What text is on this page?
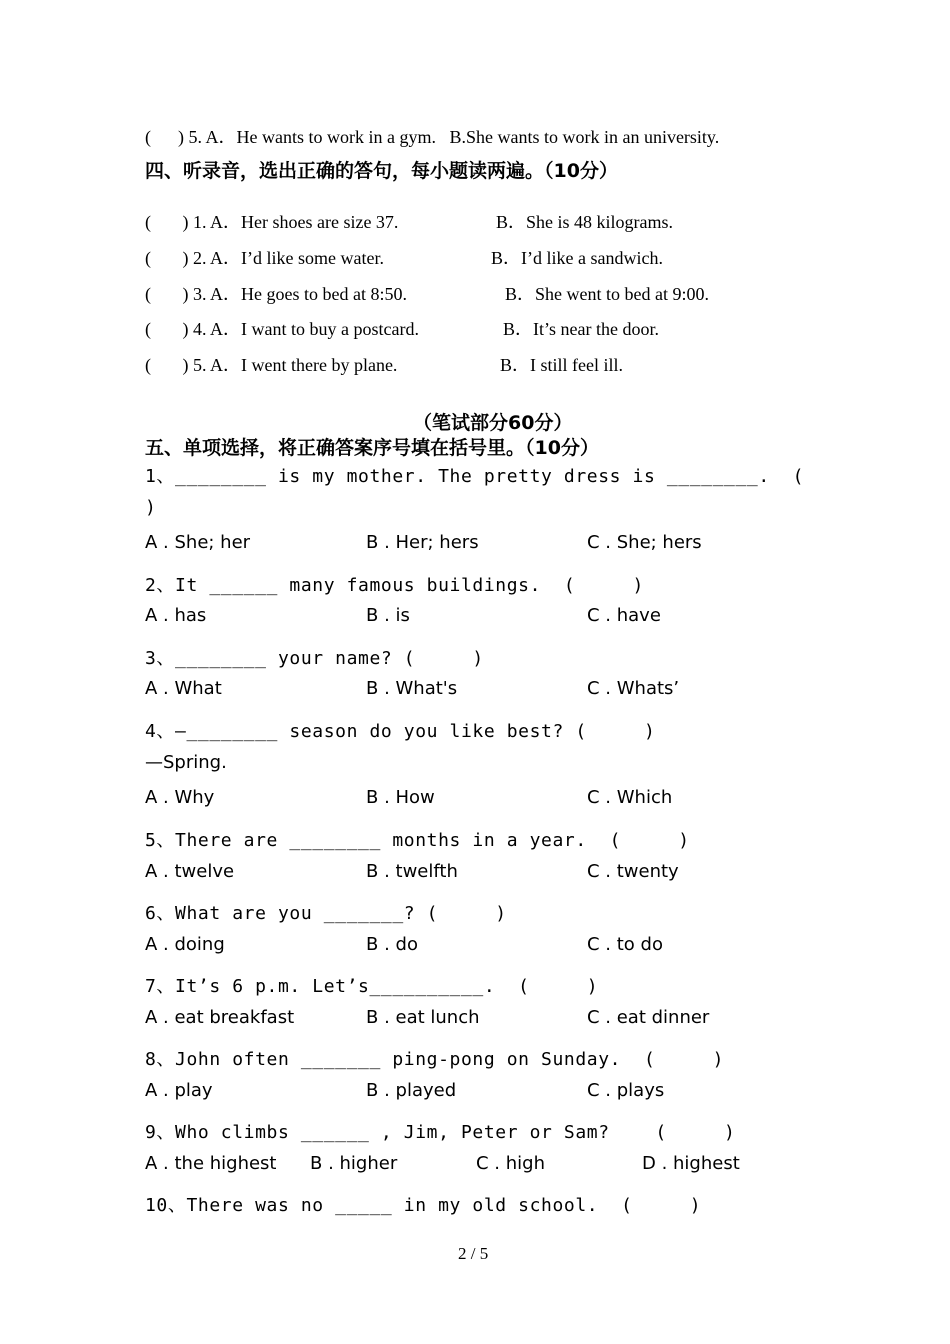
(      ) 5. A．He wants to work in a gym.   B.She wants to work in an university.
四、听录音，选出正确的答句，每小题读两遍。（10分）
(       ) 1. A．Her shoes are size 37.	B．She is 48 kilograms.
(       ) 2. A．I’d like some water.	B．I’d like a sandwich.
(       ) 3. A．He goes to bed at 8:50.	B．She went to bed at 9:00.
(       ) 4. A．I want to buy a postcard.	B．It’s near the door.
(       ) 5. A．I went there by plane.	B．I still feel ill.
（笔试部分60分）
五、单项选择，将正确答案序号填在括号里。（10分）
1、________ is my mother. The pretty dress is ________.  (
)
A . She; her	B . Her; hers	C . She; hers
2、It ______ many famous buildings.  (     )
A . has	B . is	C . have
3、________ your name? (     )
A . What	B . What's	C . Whats’
4、—________ season do you like best? (     )
—Spring.
A . Why	B . How	C . Which
5、There are ________ months in a year.  (     )
A . twelve	B . twelfth	C . twenty
6、What are you _______? (     )
A . doing	B . do	C . to do
7、It’s 6 p.m. Let’s__________.  (     )
A . eat breakfast	B . eat lunch	C . eat dinner
8、John often _______ ping-pong on Sunday.  (     )
A . play	B . played	C . plays
9、Who climbs ______ , Jim, Peter or Sam?    (     )
A . the highest B . higher	C . high	D . highest
10、There was no _____ in my old school.  (     )
2 / 5
